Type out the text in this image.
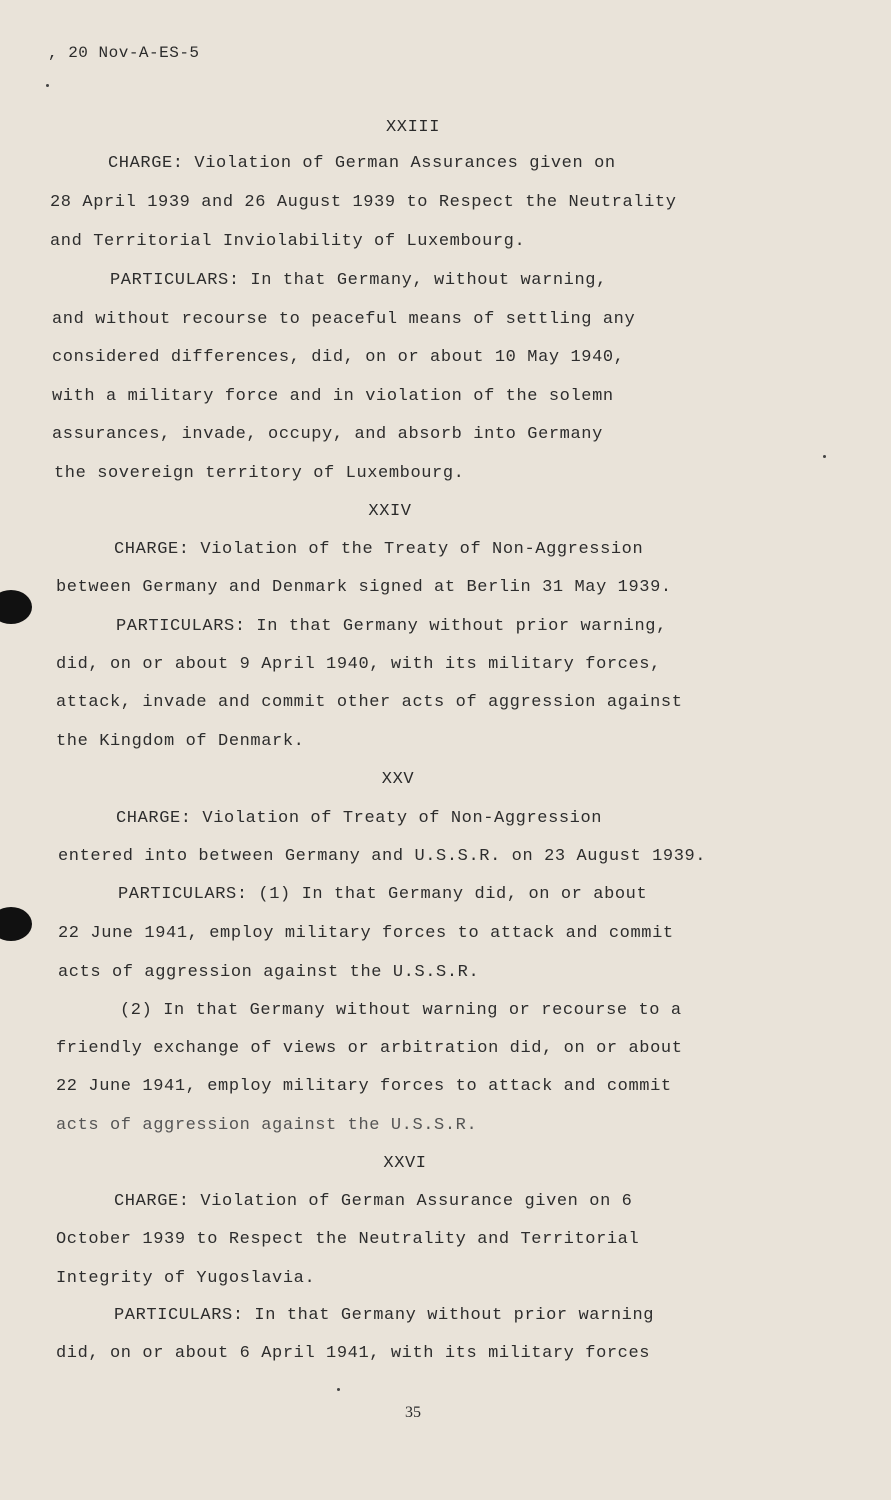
, 20 Nov-A-ES-5
XXIII
CHARGE: Violation of German Assurances given on
28 April 1939 and 26 August 1939 to Respect the Neutrality
and Territorial Inviolability of Luxembourg.
PARTICULARS: In that Germany, without warning,
and without recourse to peaceful means of settling any
considered differences, did, on or about 10 May 1940,
with a military force and in violation of the solemn
assurances, invade, occupy, and absorb into Germany
the sovereign territory of Luxembourg.
XXIV
CHARGE: Violation of the Treaty of Non-Aggression
between Germany and Denmark signed at Berlin 31 May 1939.
PARTICULARS: In that Germany without prior warning,
did, on or about 9 April 1940, with its military forces,
attack, invade and commit other acts of aggression against
the Kingdom of Denmark.
XXV
CHARGE: Violation of Treaty of Non-Aggression
entered into between Germany and U.S.S.R. on 23 August 1939.
PARTICULARS: (1) In that Germany did, on or about
22 June 1941, employ military forces to attack and commit
acts of aggression against the U.S.S.R.
(2) In that Germany without warning or recourse to a
friendly exchange of views or arbitration did, on or about
22 June 1941, employ military forces to attack and commit
acts of aggression against the U.S.S.R.
XXVI
CHARGE: Violation of German Assurance given on 6
October 1939 to Respect the Neutrality and Territorial
Integrity of Yugoslavia.
PARTICULARS: In that Germany without prior warning
did, on or about 6 April 1941, with its military forces
35
